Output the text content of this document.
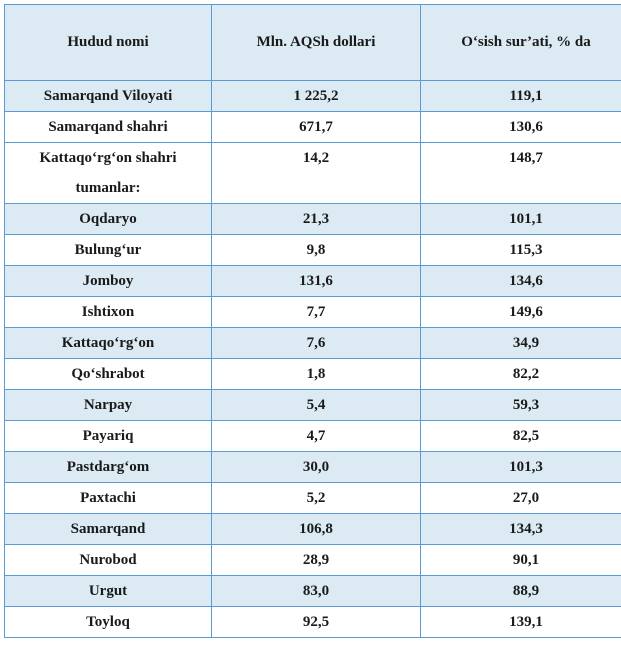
Hudud nomi	Mln. AQSh dollari	O‘sish sur’ati, % da
Samarqand Viloyati	1 225,2	119,1
Samarqand shahri	671,7	130,6
Kattaqo‘rg‘on shahri	14,2	148,7
tumanlar:		
Oqdaryo	21,3	101,1
Bulung‘ur	9,8	115,3
Jomboy	131,6	134,6
Ishtixon	7,7	149,6
Kattaqo‘rg‘on	7,6	34,9
Qo‘shrabot	1,8	82,2
Narpay	5,4	59,3
Payariq	4,7	82,5
Pastdarg‘om	30,0	101,3
Paxtachi	5,2	27,0
Samarqand	106,8	134,3
Nurobod	28,9	90,1
Urgut	83,0	88,9
Toyloq	92,5	139,1
